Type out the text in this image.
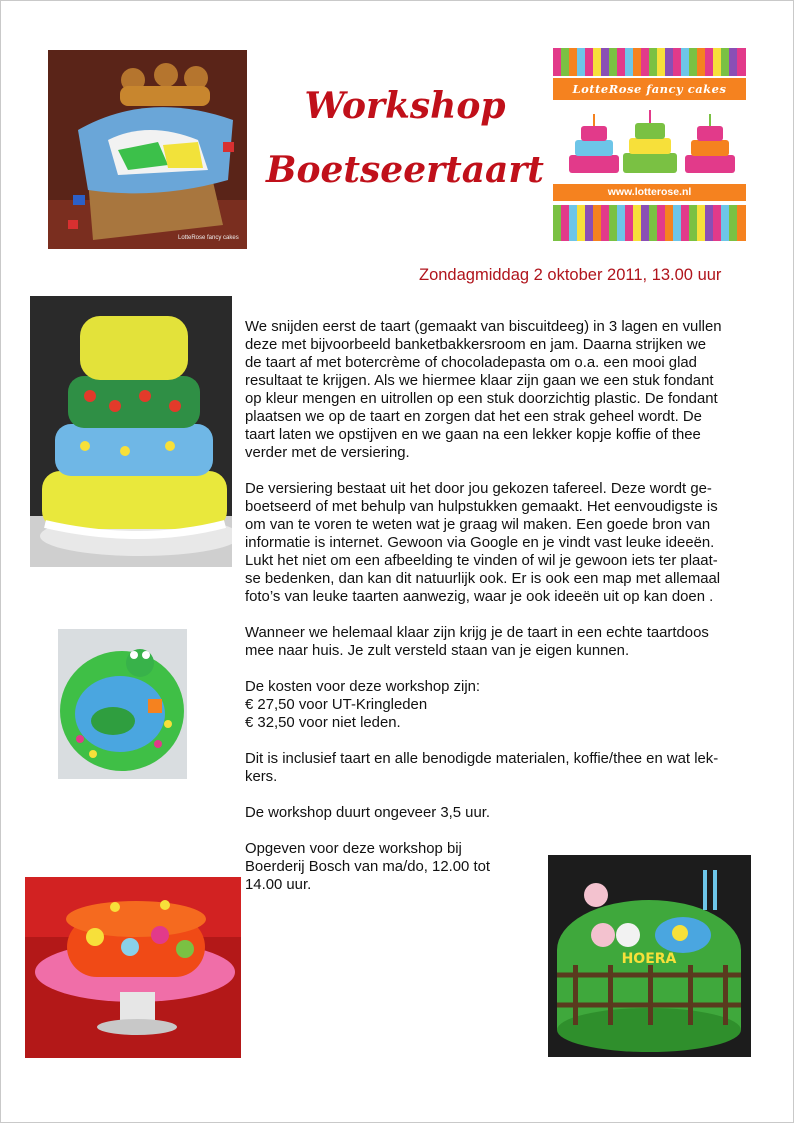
LotteRose fancy cakes
Workshop
Boetseertaart
LotteRose fancy cakes
www.lotterose.nl
Zondagmiddag 2 oktober 2011, 13.00 uur
HOERA

We snijden eerst de taart (gemaakt van biscuitdeeg) in 3 lagen en vullen
deze met bijvoorbeeld banketbakkersroom en jam. Daarna strijken we
de taart af met botercrème of chocoladepasta om o.a. een mooi glad
resultaat te krijgen. Als we hiermee klaar zijn gaan we een stuk fondant
op kleur mengen en uitrollen op een stuk doorzichtig plastic. De fondant
plaatsen we op de taart en zorgen dat het een strak geheel wordt. De
taart laten we opstijven en we gaan na een lekker kopje koffie of thee
verder met de versiering.

De versiering bestaat uit het door jou gekozen tafereel. Deze wordt ge-
boetseerd of met behulp van hulpstukken gemaakt. Het eenvoudigste is
om van te voren te weten wat je graag wil maken. Een goede bron van
informatie is internet. Gewoon via Google en je vindt vast leuke ideeën.
Lukt het niet om een afbeelding te vinden of wil je gewoon iets ter plaat-
se bedenken, dan kan dit natuurlijk ook. Er is ook een map met allemaal
foto’s van leuke taarten aanwezig, waar je ook ideeën uit op kan doen .

Wanneer we helemaal klaar zijn krijg je de taart in een echte taartdoos
mee naar huis. Je zult versteld staan van je eigen kunnen.

De kosten voor deze workshop zijn:
€ 27,50 voor UT-Kringleden
€ 32,50 voor niet leden.

Dit is inclusief taart en alle benodigde materialen, koffie/thee en wat lek-
kers.

De workshop duurt ongeveer 3,5 uur.

Opgeven voor deze workshop bij
Boerderij Bosch van ma/do, 12.00 tot
14.00 uur.
